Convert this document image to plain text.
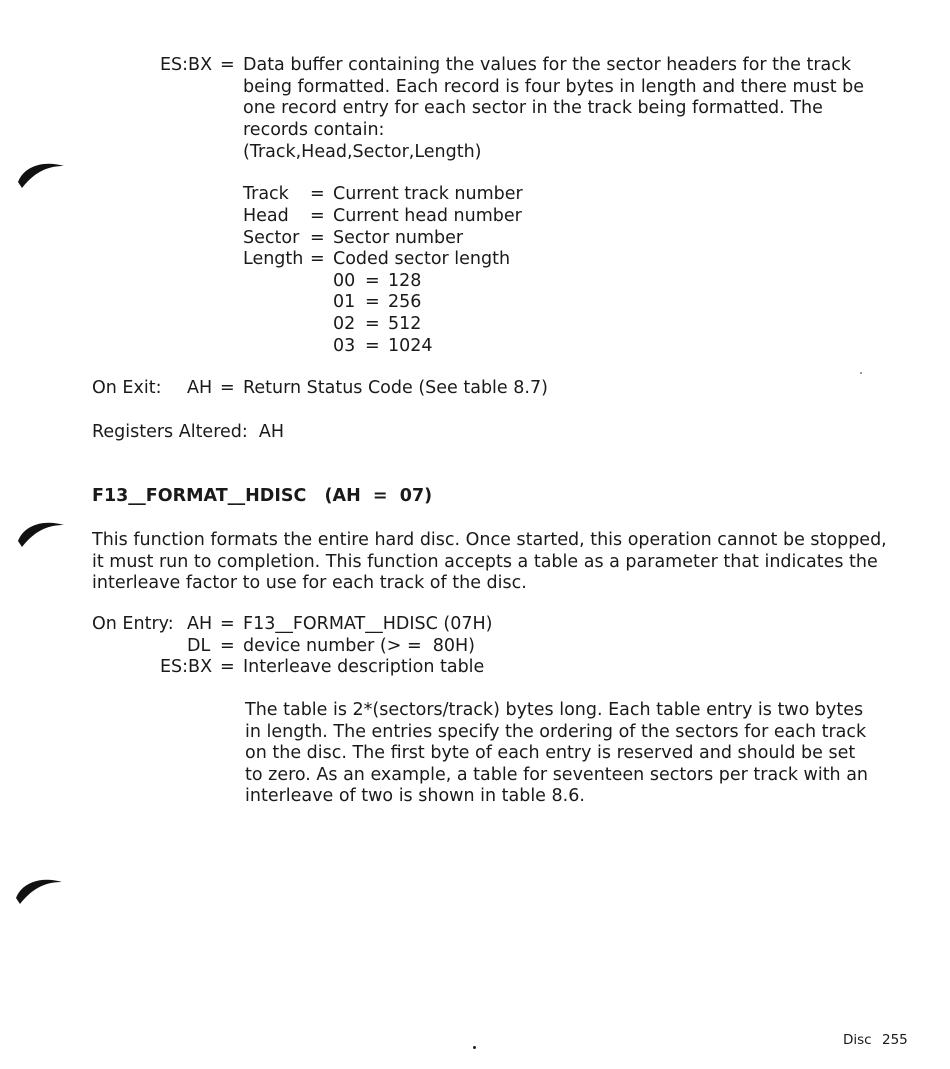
ES:BX = Data buffer containing the values for the sector headers for the track being formatted. Each record is four bytes in length and there must be one record entry for each sector in the track being formatted. The records contain:
(Track,Head,Sector,Length)
Track = Current track number
Head = Current head number
Sector = Sector number
Length = Coded sector length
00 = 128
01 = 256
02 = 512
03 = 1024
On Exit: AH = Return Status Code (See table 8.7)
Registers Altered:  AH
F13__FORMAT__HDISC   (AH  =  07)
This function formats the entire hard disc. Once started, this operation cannot be stopped, it must run to completion. This function accepts a table as a parameter that indicates the interleave factor to use for each track of the disc.
On Entry: AH = F13__FORMAT__HDISC (07H)
DL = device number (> =  80H)
ES:BX = Interleave description table
The table is 2*(sectors/track) bytes long. Each table entry is two bytes in length. The entries specify the ordering of the sectors for each track on the disc. The first byte of each entry is reserved and should be set to zero. As an example, a table for seventeen sectors per track with an interleave of two is shown in table 8.6.
Disc 255
